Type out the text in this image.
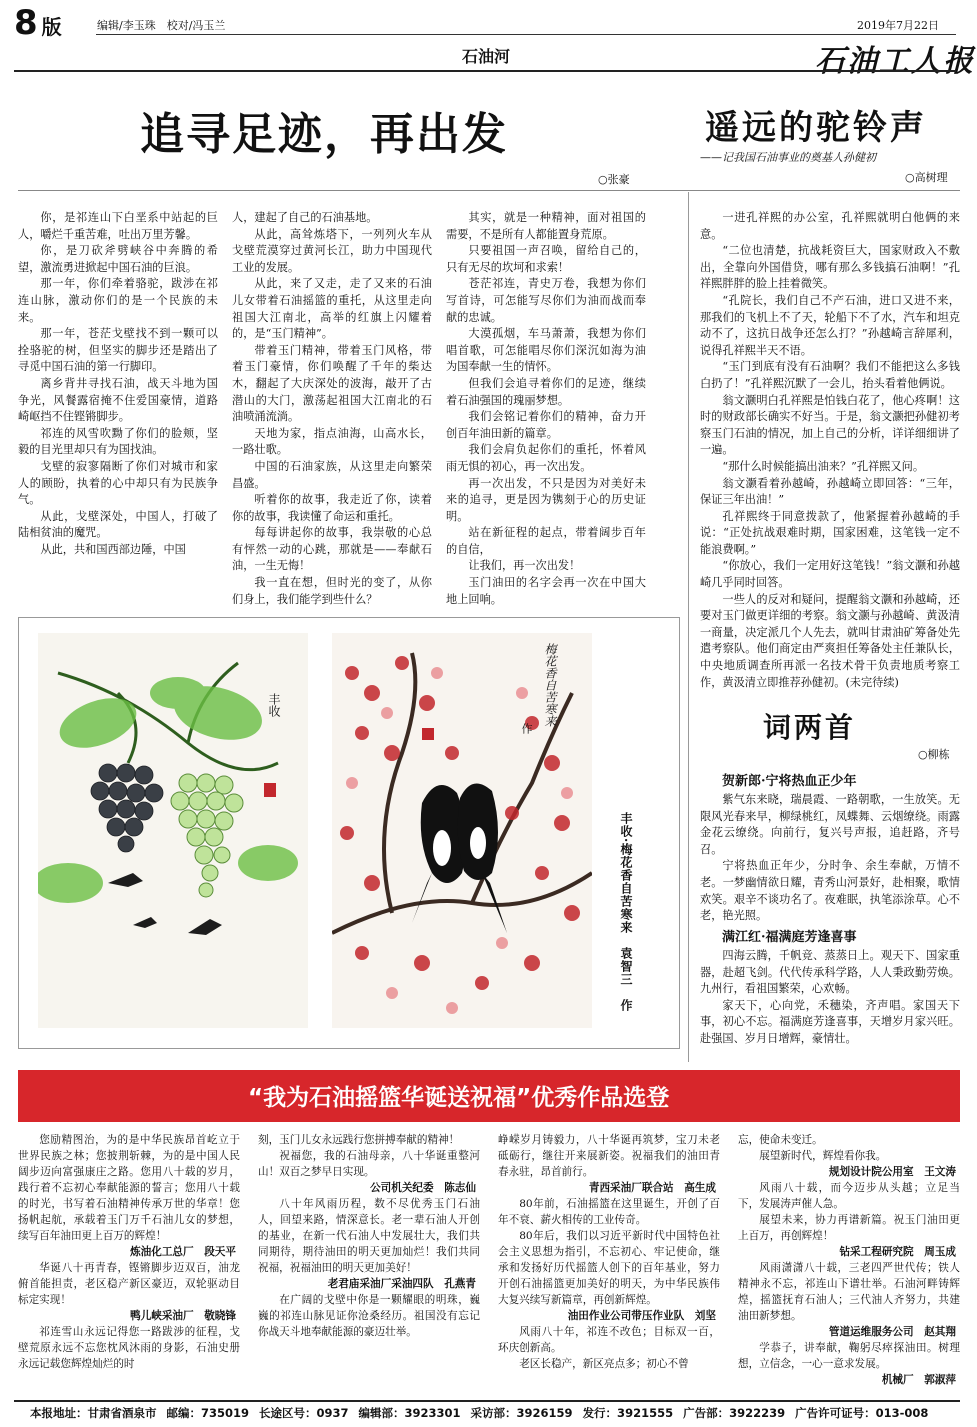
8 版	编辑/李玉珠　校对/冯玉兰
石油河
2019年7月22日
石油工人报
追寻足迹，再出发
○张豪
遥远的驼铃声
——记我国石油事业的奠基人孙健初
○高树理

你，是祁连山下白垩系中站起的巨人，嚼烂千重苦难，吐出万里芳馨。

你，是刀砍斧劈峡谷中奔腾的希望，激流勇进掀起中国石油的巨浪。

那一年，你们牵着骆驼，跋涉在祁连山脉，激动你们的是一个民族的未来。

那一年，苍茫戈壁找不到一颗可以拴骆驼的树，但坚实的脚步还是踏出了寻觅中国石油的第一行脚印。

离乡背井寻找石油，战天斗地为国争光，风餐露宿掩不住爱国豪情，道路崎岖挡不住铿锵脚步。

祁连的风雪吹黝了你们的脸颊，坚毅的目光里却只有为国找油。

戈壁的寂寥隔断了你们对城市和家人的顾盼，执着的心中却只有为民族争气。

从此，戈壁深处，中国人，打破了陆相贫油的魔咒。

从此，共和国西部边陲，中国

人，建起了自己的石油基地。

从此，高耸炼塔下，一列列火车从戈壁荒漠穿过黄河长江，助力中国现代工业的发展。

从此，来了又走，走了又来的石油儿女带着石油摇篮的重托，从这里走向祖国大江南北，高举的红旗上闪耀着的，是“玉门精神”。

带着玉门精神，带着玉门风格，带着玉门豪情，你们唤醒了千年的柴达木，翻起了大庆深处的波海，敲开了古潜山的大门，激荡起祖国大江南北的石油喷涌流淌。

天地为家，指点油海，山高水长，一路壮歌。

中国的石油家族，从这里走向繁荣昌盛。

听着你的故事，我走近了你，读着你的故事，我读懂了命运和重托。

每每讲起你的故事，我崇敬的心总有怦然一动的心跳，那就是——奉献石油，一生无悔！

我一直在想，但时光的变了，从你们身上，我们能学到些什么？

其实，就是一种精神，面对祖国的需要，不是所有人都能置身荒原。

只要祖国一声召唤，留给自己的，只有无尽的坎坷和求索！

苍茫祁连，青史万卷，我想为你们写首诗，可怎能写尽你们为油而战而奉献的忠诚。

大漠孤烟，车马萧萧，我想为你们唱首歌，可怎能唱尽你们深沉如海为油为国奉献一生的情怀。

但我们会追寻着你们的足迹，继续着石油强国的瑰丽梦想。

我们会铭记着你们的精神，奋力开创百年油田新的篇章。

我们会肩负起你们的重托，怀着风雨无惧的初心，再一次出发。

再一次出发，不只是因为对美好未来的追寻，更是因为镌刻于心的历史证明。

站在新征程的起点，带着阔步百年的自信，

让我们，再一次出发！

玉门油田的名字会再一次在中国大地上回响。

一进孔祥熙的办公室，孔祥熙就明白他俩的来意。

“二位也清楚，抗战耗资巨大，国家财政入不敷出，全靠向外国借贷，哪有那么多钱搞石油啊！”孔祥熙胖胖的脸上挂着微笑。

“孔院长，我们自己不产石油，进口又进不来，那我们的飞机上不了天，轮船下不了水，汽车和坦克动不了，这抗日战争还怎么打？”孙越崎言辞犀利，说得孔祥熙半天不语。

“玉门到底有没有石油啊？我们不能把这么多钱白扔了！”孔祥熙沉默了一会儿，抬头看着他俩说。

翁文灏明白孔祥熙是怕钱白花了，他心疼啊！这时的财政部长确实不好当。于是，翁文灏把孙健初考察玉门石油的情况，加上自己的分析，详详细细讲了一遍。

“那什么时候能搞出油来？”孔祥熙又问。

翁文灏看着孙越崎，孙越崎立即回答：“三年，保证三年出油！”

孔祥熙终于同意拨款了，他紧握着孙越崎的手说：“正处抗战艰难时期，国家困难，这笔钱一定不能浪费啊。”

“你放心，我们一定用好这笔钱！”翁文灏和孙越崎几乎同时回答。

一些人的反对和疑问，提醒翁文灏和孙越崎，还要对玉门做更详细的考察。翁文灏与孙越崎、黄汲清一商量，决定派几个人先去，就叫甘肃油矿筹备处先遣考察队。他们商定由严爽担任筹备处主任兼队长，中央地质调查所再派一名技术骨干负责地质考察工作，黄汲清立即推荐孙健初。(未完待续)

丰收	梅花香自苦寒来
作
丰收·梅花香自苦寒来　袁智三　作
词两首
○柳栋
贺新郎·宁将热血正少年

紫气东来晓，瑞晨霞、一路朝歌，一生放笑。无限风光春来早，柳绿桃红，凤蝶舞、云烟缭绕。雨露金花云缭绕。向前行，复兴号声报，追赶路，齐号召。

宁将热血正年少，分时争、余生奉献，万情不老。一梦幽情欲日耀，青秀山河景好，赴相聚，歌情欢笑。艰辛不谈功名了。夜难眠，执笔添涂草。心不老，艳光照。

满江红·福满庭芳逢喜事

四海云腾，千帆竞、蒸蒸日上。观天下、国家重器，赴超飞剑。代代传承科学路，人人秉政勤劳焕。九州行，看祖国繁荣，心欢畅。

家天下，心向党，禾穗染，齐声唱。家国天下事，初心不忘。福满庭芳逢喜事，天增岁月家兴旺。赴强国、岁月日增辉，豪情壮。

“我为石油摇篮华诞送祝福”优秀作品选登
您励精图治，为的是中华民族昂首屹立于世界民族之林；您披荆斩棘，为的是中国人民阔步迈向富强康庄之路。您用八十载的岁月，践行着不忘初心奉献能源的誓言；您用八十载的时光，书写着石油精神传承万世的华章！您扬帆起航，承载着玉门万千石油儿女的梦想，续写百年油田更上百万的辉煌！
炼油化工总厂　段天平
华诞八十再青春，铿锵脚步迈双百，油龙俯首能担责，老区稳产新区豪迈，双轮驱动目标定实现！
鸭儿峡采油厂　敬晓锋
祁连雪山永远记得您一路跋涉的征程，戈壁荒原永远不忘您枕风沐雨的身影，石油史册永远记载您辉煌灿烂的时
刻，玉门儿女永远践行您拼搏奉献的精神！
祝福您，我的石油母亲，八十华诞重整河山！双百之梦早日实现。
公司机关纪委　陈志仙
八十年风雨历程，数不尽优秀玉门石油人，回望来路，情深意长。老一辈石油人开创的基业，在新一代石油人中发展壮大，我们共同期待，期待油田的明天更加灿烂！我们共同祝福，祝福油田的明天更加美好！
老君庙采油厂采油四队　孔燕青
在广阔的戈壁中你是一颗耀眼的明珠，巍巍的祁连山脉见证你沧桑经历。祖国没有忘记你战天斗地奉献能源的豪迈壮举。
峥嵘岁月铸毅力，八十华诞再筑梦，宝刀未老砥砺行，继往开来展新姿。祝福我们的油田青春永驻，昂首前行。
青西采油厂联合站　高生成
80年前，石油摇篮在这里诞生，开创了百年不衰、薪火相传的工业传奇。
80年后，我们以习近平新时代中国特色社会主义思想为指引，不忘初心、牢记使命，继承和发扬好历代摇篮人创下的百年基业，努力开创石油摇篮更加美好的明天，为中华民族伟大复兴续写新篇章，再创新辉煌。
油田作业公司带压作业队　刘坚
风雨八十年，祁连不改色；目标双一百，环庆创新高。
老区长稳产，新区亮点多；初心不曾
忘，使命未变迁。
展望新时代，辉煌看你我。
规划设计院公用室　王文涛
风雨八十载，而今迈步从头越；立足当下，发展涛声催人急。
展望未来，协力再谱新篇。祝玉门油田更上百万，再创辉煌！
钻采工程研究院　周玉成
风雨潇潇八十载，三老四严世代传；铁人精神永不忘，祁连山下谱壮举。石油河畔铸辉煌，摇篮抚育石油人；三代油人齐努力，共建油田新梦想。
管道运维服务公司　赵其翔
学恭子，讲奉献，鞠躬尽瘁探油田。树理想，立信念，一心一意求发展。
机械厂　郭淑萍
本报地址：甘肃省酒泉市 邮编：735019 长途区号：0937 编辑部：3923301 采访部：3926159 发行：3921555 广告部：3922239 广告许可证号：013-008
